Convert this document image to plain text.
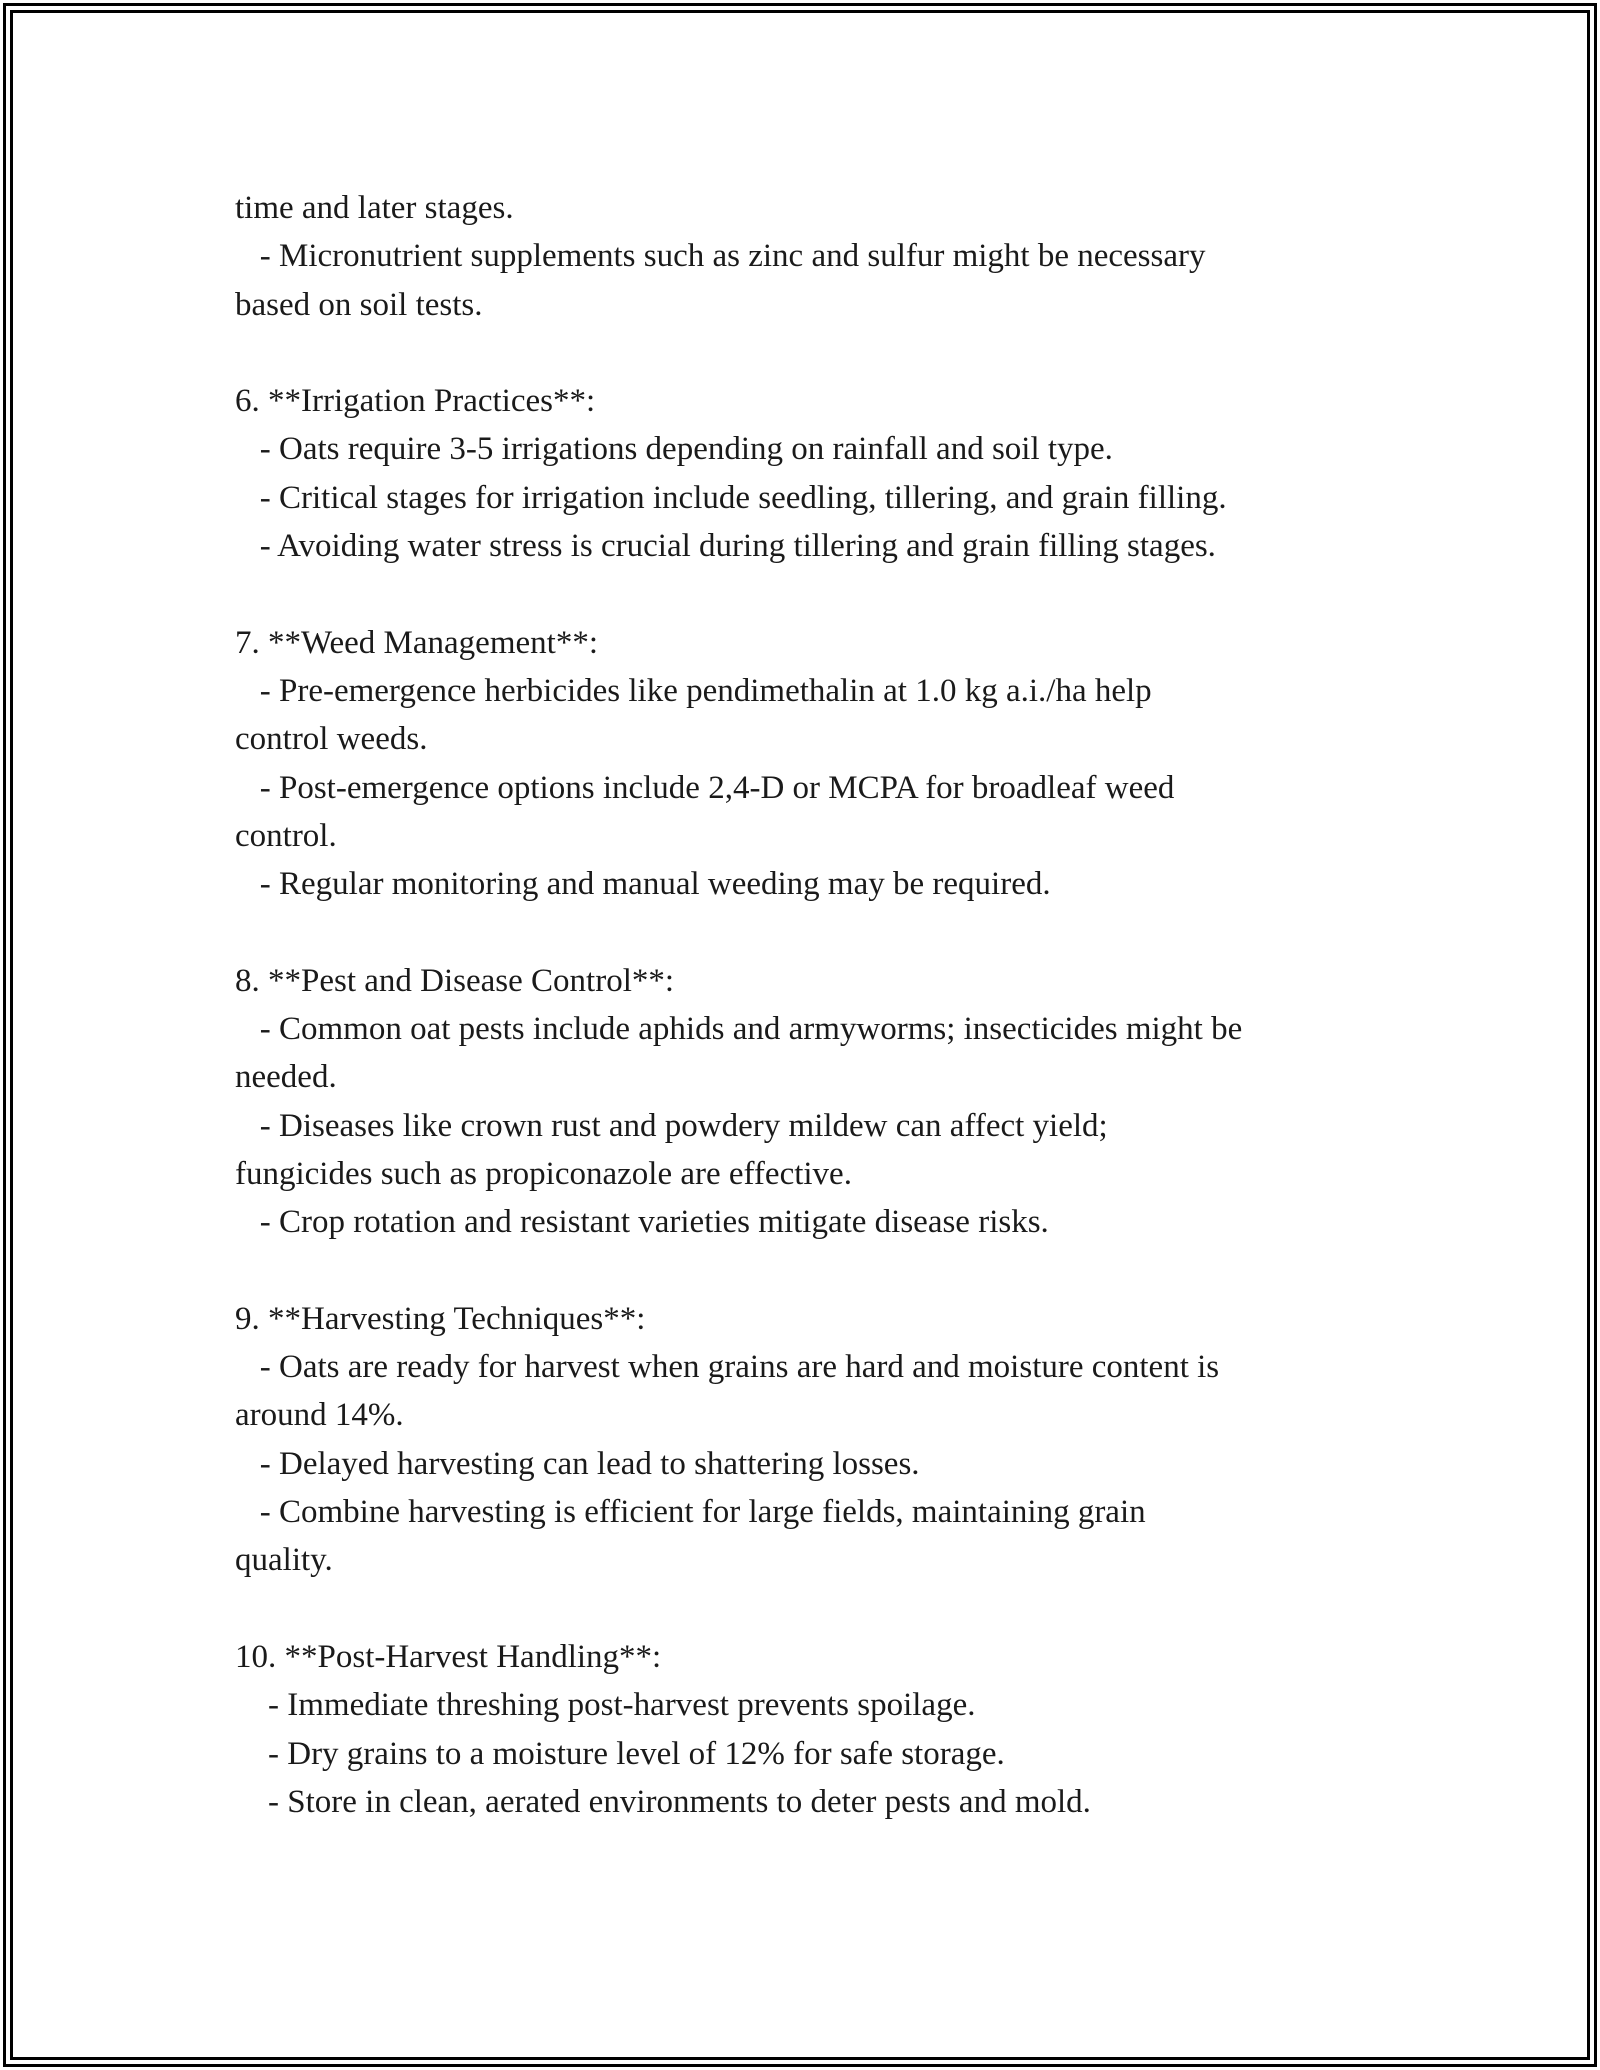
time and later stages.
- Micronutrient supplements such as zinc and sulfur might be necessary
based on soil tests.
6. **Irrigation Practices**:
- Oats require 3-5 irrigations depending on rainfall and soil type.
- Critical stages for irrigation include seedling, tillering, and grain filling.
- Avoiding water stress is crucial during tillering and grain filling stages.
7. **Weed Management**:
- Pre-emergence herbicides like pendimethalin at 1.0 kg a.i./ha help
control weeds.
- Post-emergence options include 2,4-D or MCPA for broadleaf weed
control.
- Regular monitoring and manual weeding may be required.
8. **Pest and Disease Control**:
- Common oat pests include aphids and armyworms; insecticides might be
needed.
- Diseases like crown rust and powdery mildew can affect yield;
fungicides such as propiconazole are effective.
- Crop rotation and resistant varieties mitigate disease risks.
9. **Harvesting Techniques**:
- Oats are ready for harvest when grains are hard and moisture content is
around 14%.
- Delayed harvesting can lead to shattering losses.
- Combine harvesting is efficient for large fields, maintaining grain
quality.
10. **Post-Harvest Handling**:
- Immediate threshing post-harvest prevents spoilage.
- Dry grains to a moisture level of 12% for safe storage.
- Store in clean, aerated environments to deter pests and mold.
